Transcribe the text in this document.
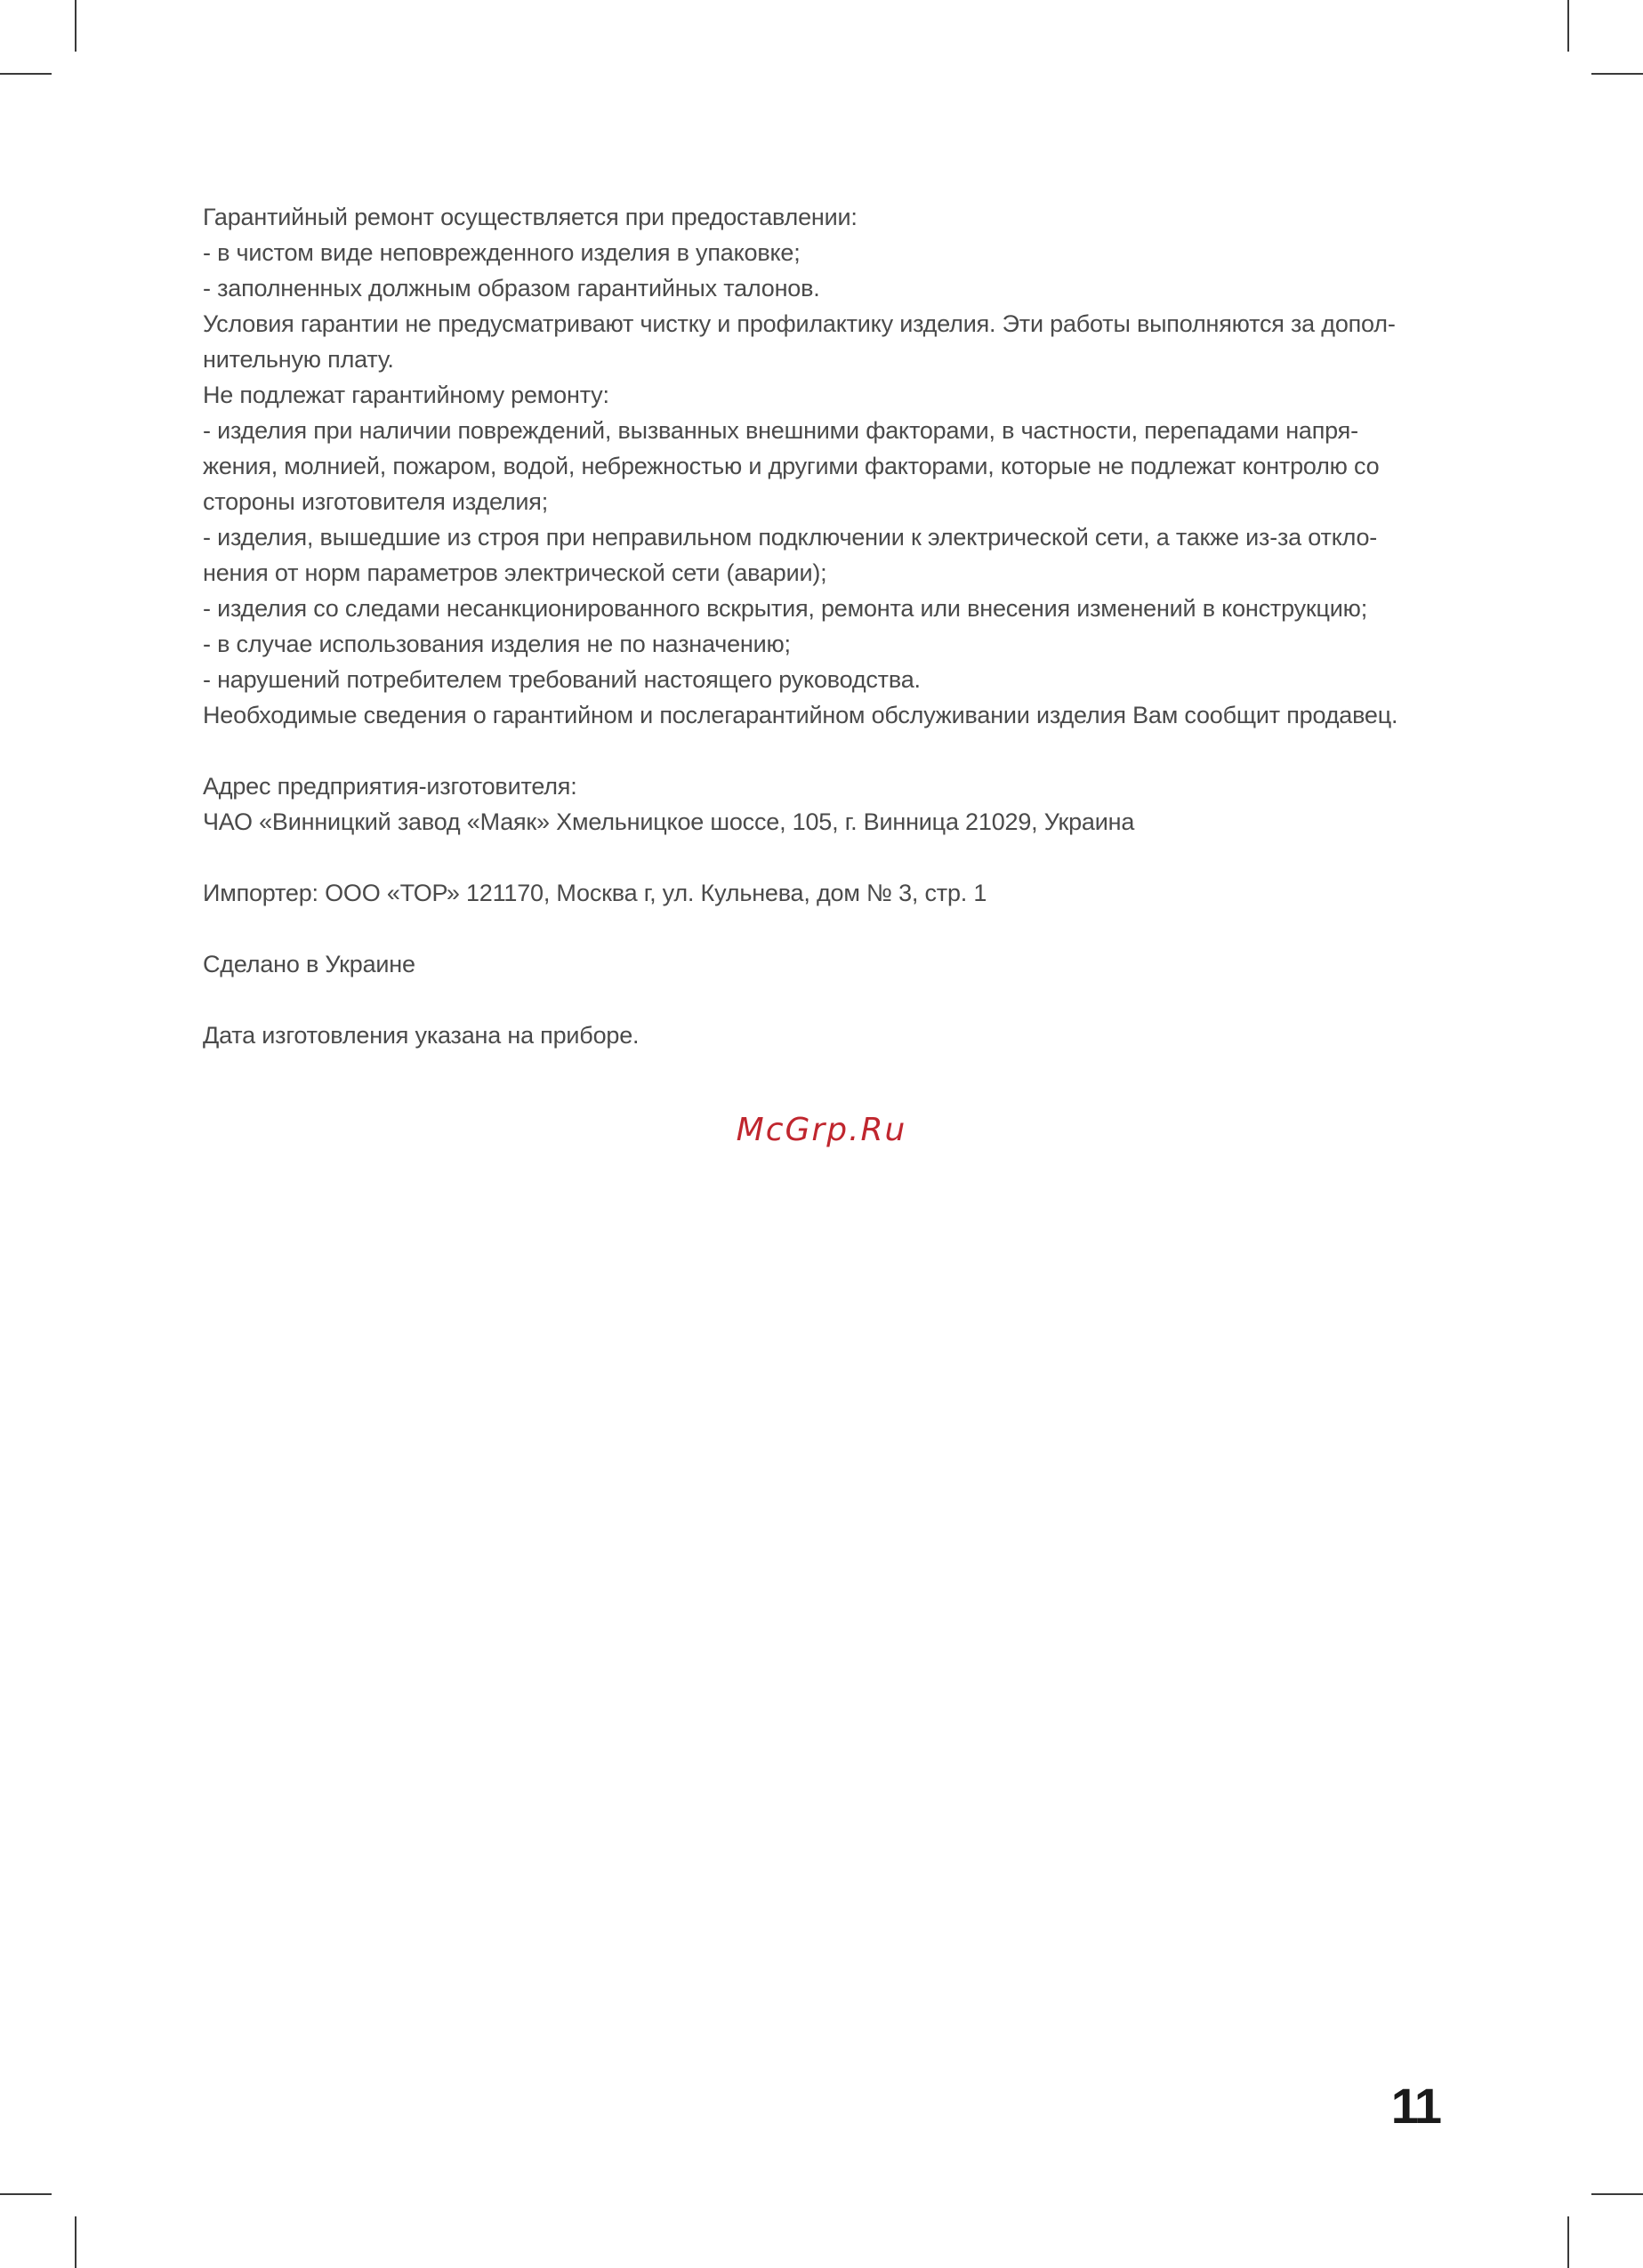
Гарантийный ремонт осуществляется при предоставлении:

- в чистом виде неповрежденного изделия в упаковке;

- заполненных должным образом гарантийных талонов.

Условия гарантии не предусматривают чистку и профилактику изделия. Эти работы выполняются за допол-

нительную плату.

Не подлежат гарантийному ремонту:

- изделия при наличии повреждений, вызванных внешними факторами, в частности, перепадами напря-

жения, молнией, пожаром, водой, небрежностью и другими факторами, которые не подлежат контролю со

стороны изготовителя изделия;

- изделия, вышедшие из строя при неправильном подключении к электрической сети, а также из-за откло-

нения от норм параметров электрической сети (аварии);

- изделия со следами несанкционированного вскрытия, ремонта или внесения изменений в конструкцию;

- в случае использования изделия не по назначению;

- нарушений потребителем требований настоящего руководства.

Необходимые сведения о гарантийном и послегарантийном обслуживании изделия Вам сообщит продавец.

Адрес предприятия-изготовителя:

ЧАО «Винницкий завод «Маяк» Хмельницкое шоссе, 105, г. Винница 21029, Украина

Импортер: ООО «ТОР» 121170, Москва г, ул. Кульнева, дом № 3, стр. 1

Сделано в Украине

Дата изготовления указана на приборе.

McGrp.Ru
11
